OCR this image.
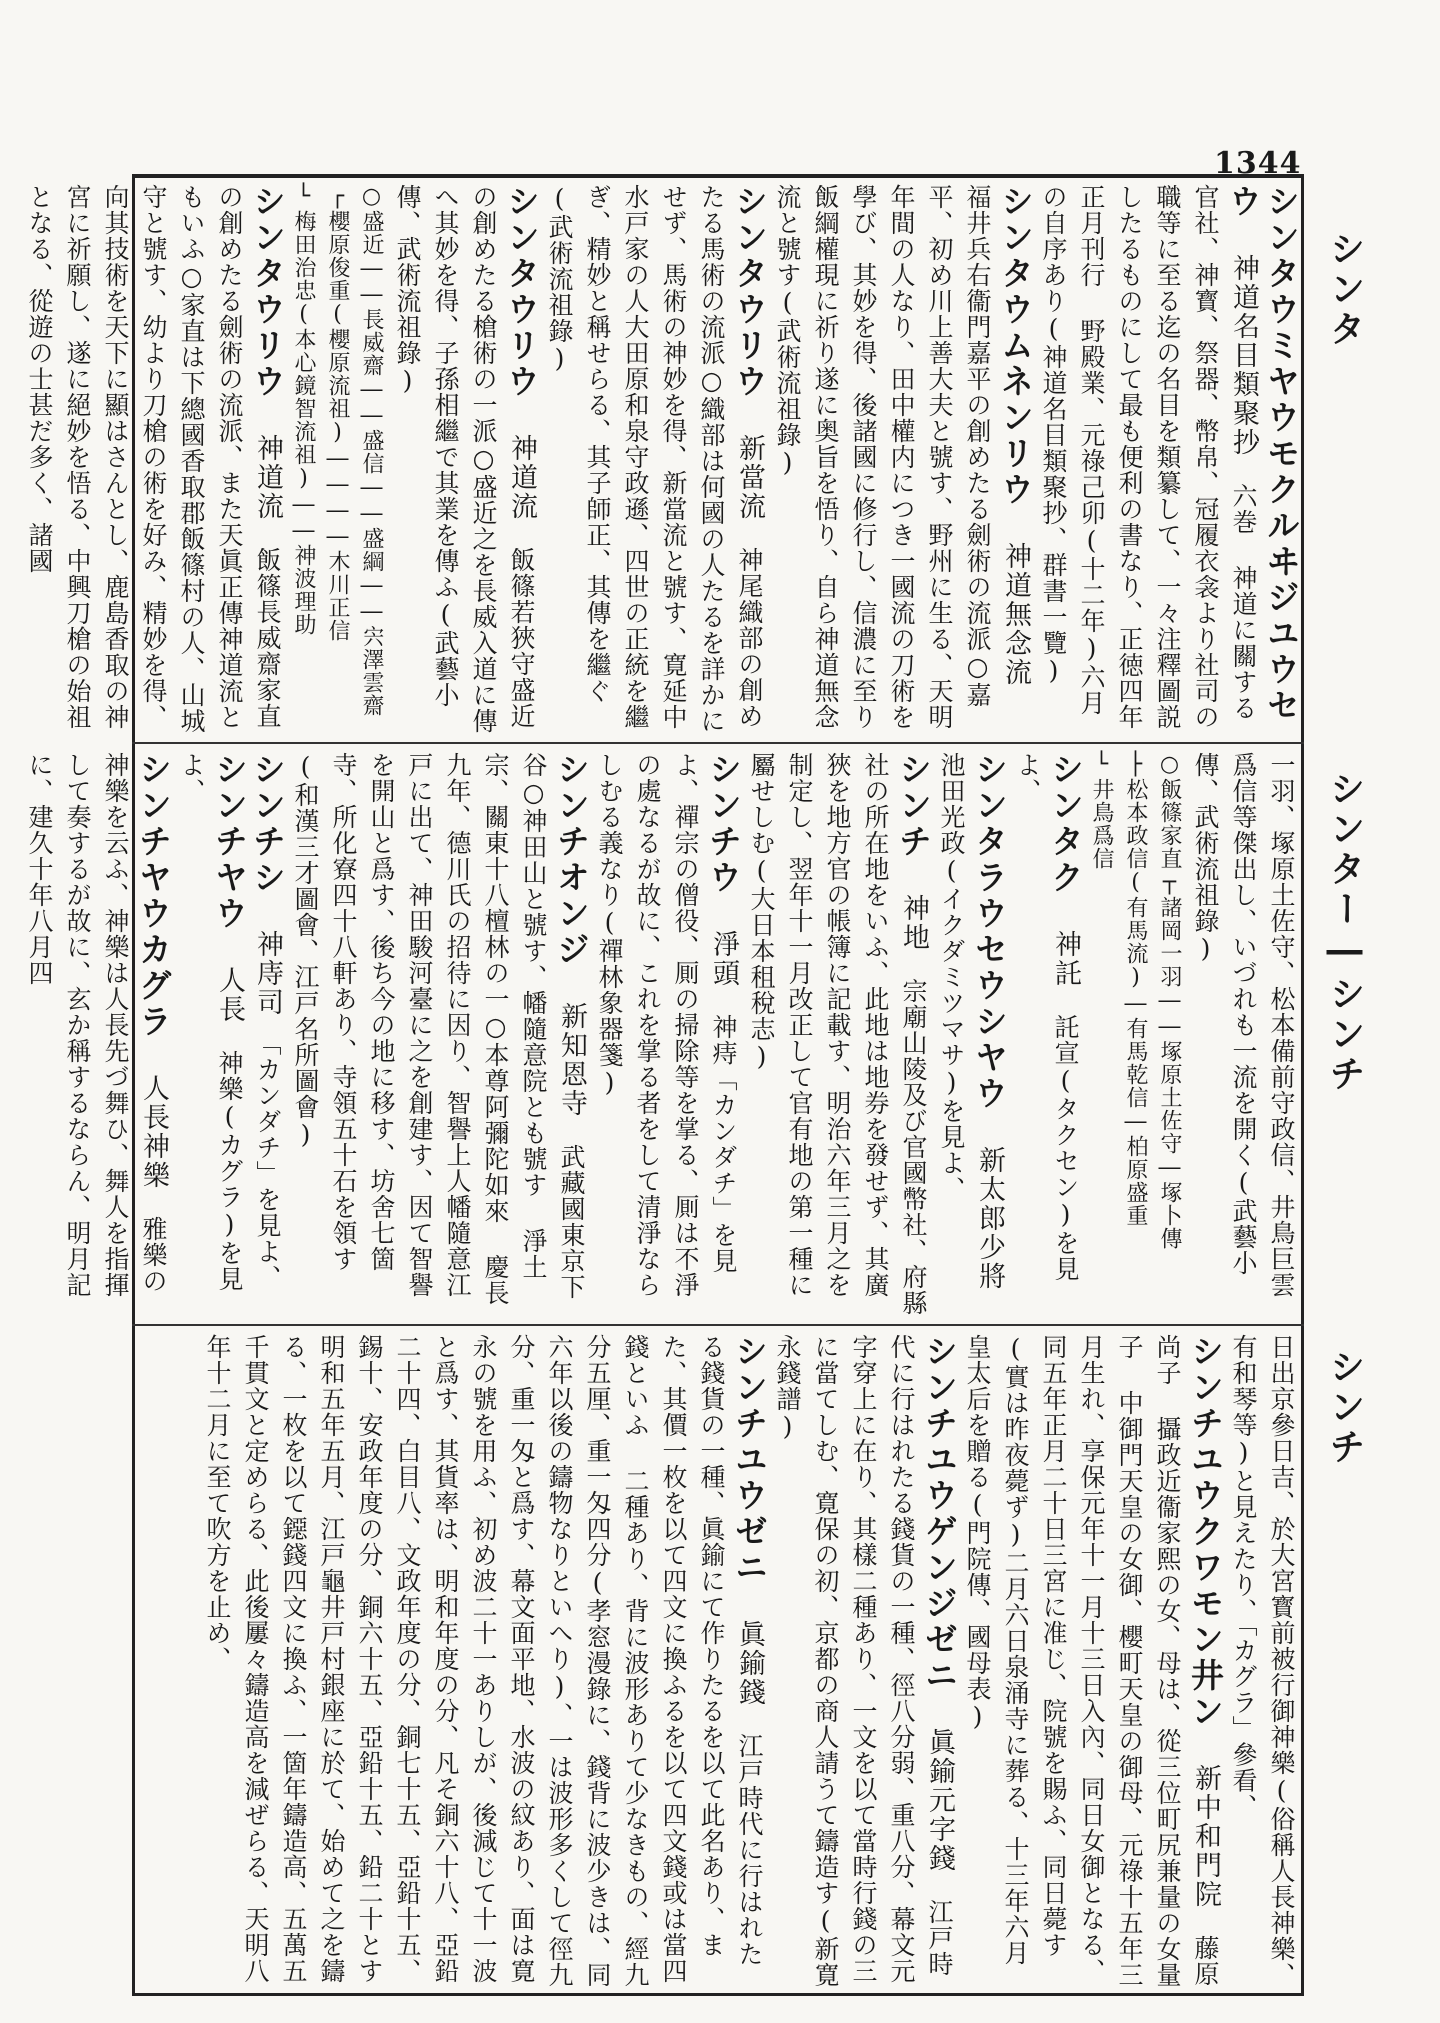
1344
シンタ
シンター―シンチ
シンチ

シンタウミヤウモクルヰジユウセウ　神道名目類聚抄　六巻 神道に關する官社、神寳、祭器、幣帛、冠履衣衾より社司の職等に至る迄の名目を類纂して、一々注釋圖説したるものにして最も便利の書なり、正徳四年正月刊行 野殿業、元祿己卯(十二年)六月の自序あり(神道名目類聚抄、群書一覽)

シンタウムネンリウ　神道無念流　福井兵右衞門嘉平の創めたる劍術の流派○嘉平、初め川上善大夫と號す、野州に生る、天明年間の人なり、田中權内につき一國流の刀術を學び、其妙を得、後諸國に修行し、信濃に至り飯綱權現に祈り遂に奥旨を悟り、自ら神道無念流と號す(武術流祖錄)

シンタウリウ　新當流　神尾織部の創めたる馬術の流派○織部は何國の人たるを詳かにせず、馬術の神妙を得、新當流と號す、寛延中水戸家の人大田原和泉守政遜、四世の正統を繼ぎ、精妙と稱せらる、其子師正、其傳を繼ぐ(武術流祖錄)

シンタウリウ　神道流　飯篠若狹守盛近の創めたる槍術の一派○盛近之を長威入道に傳へ其妙を得、子孫相繼で其業を傳ふ(武藝小傳、武術流祖錄)

○盛近――長威齋――盛信――盛綱――宍澤雲齋

┌櫻原俊重(櫻原流祖)――――木川正信

└梅田治忠(本心鏡智流祖)――神波理助

シンタウリウ　神道流　飯篠長威齋家直の創めたる劍術の流派、また天眞正傳神道流ともいふ○家直は下總國香取郡飯篠村の人、山城守と號す、幼より刀槍の術を好み、精妙を得、向其技術を天下に顯はさんとし、鹿島香取の神宮に祈願し、遂に絕妙を悟る、中興刀槍の始祖となる、從遊の士甚だ多く、諸國

一羽、塚原土佐守、松本備前守政信、井鳥巨雲爲信等傑出し、いづれも一流を開く(武藝小傳、武術流祖錄)

○飯篠家直┬諸岡一羽――塚原土佐守―塚卜傳

├松本政信(有馬流)―有馬乾信―柏原盛重

└井鳥爲信

シンタク　神託　託宣(タクセン)を見よ、

シンタラウセウシヤウ　新太郎少將　池田光政(イクダミツマサ)を見よ、

シンチ　神地　宗廟山陵及び官國幣社、府縣社の所在地をいふ、此地は地券を發せず、其廣狹を地方官の帳簿に記載す、明治六年三月之を制定し、翌年十一月改正して官有地の第一種に屬せしむ(大日本租稅志)

シンチウ　淨頭　神痔「カンダチ」を見よ、禪宗の僧役、厠の掃除等を掌る、厠は不淨の處なるが故に、これを掌る者をして清淨ならしむる義なり(禪林象器箋)

シンチオンジ　新知恩寺　武藏國東京下谷○神田山と號す、幡隨意院とも號す 淨土宗、關東十八檀林の一○本尊阿彌陀如來 慶長九年、德川氏の招待に因り、智譽上人幡隨意江戸に出て、神田駿河臺に之を創建す、因て智譽を開山と爲す、後ち今の地に移す、坊舍七箇寺、所化寮四十八軒あり、寺領五十石を領す(和漢三才圖會、江戸名所圖會)

シンチシ　神庤司　「カンダチ」を見よ、

シンチヤウ　人長　神樂(カグラ)を見よ、

シンチヤウカグラ　人長神樂　雅樂の神樂を云ふ、神樂は人長先づ舞ひ、舞人を指揮して奏するが故に、玄か稱するならん、明月記に、建久十年八月四

日出京參日吉、於大宮寳前被行御神樂(俗稱人長神樂、有和琴等)と見えたり、「カグラ」參看、

シンチユウクワモン井ン　新中和門院　藤原尚子 攝政近衞家熙の女、母は、從三位町尻兼量の女量子 中御門天皇の女御、櫻町天皇の御母、元祿十五年三月生れ、享保元年十一月十三日入內、同日女御となる、同五年正月二十日三宮に准じ、院號を賜ふ、同日薨す(實は昨夜薨ず)二月六日泉涌寺に葬る、十三年六月皇太后を贈る(門院傳、國母表)

シンチユウゲンジゼニ　眞鍮元字錢　江戸時代に行はれたる錢貨の一種、徑八分弱、重八分、幕文元字穿上に在り、其樣二種あり、一文を以て當時行錢の三に當てしむ、寛保の初、京都の商人請うて鑄造す(新寛永錢譜)

シンチユウゼニ　眞鍮錢　江戸時代に行はれたる錢貨の一種、眞鍮にて作りたるを以て此名あり、また、其價一枚を以て四文に換ふるを以て四文錢或は當四錢といふ 二種あり、背に波形ありて少なきもの、經九分五厘、重一匁四分(孝窓漫錄に、錢背に波少きは、同六年以後の鑄物なりといへり)、一は波形多くして徑九分、重一匁と爲す、幕文面平地、水波の紋あり、面は寛永の號を用ふ、初め波二十一ありしが、後減じて十一波と爲す、其貨率は、明和年度の分、凡そ銅六十八、亞鉛二十四、白目八、文政年度の分、銅七十五、亞鉛十五、錫十、安政年度の分、銅六十五、亞鉛十五、鉛二十とす 明和五年五月、江戸龜井戸村銀座に於て、始めて之を鑄る、一枚を以て鐚錢四文に換ふ、一箇年鑄造高、五萬五千貫文と定めらる、此後屢々鑄造高を減ぜらる、天明八年十二月に至て吹方を止め、
